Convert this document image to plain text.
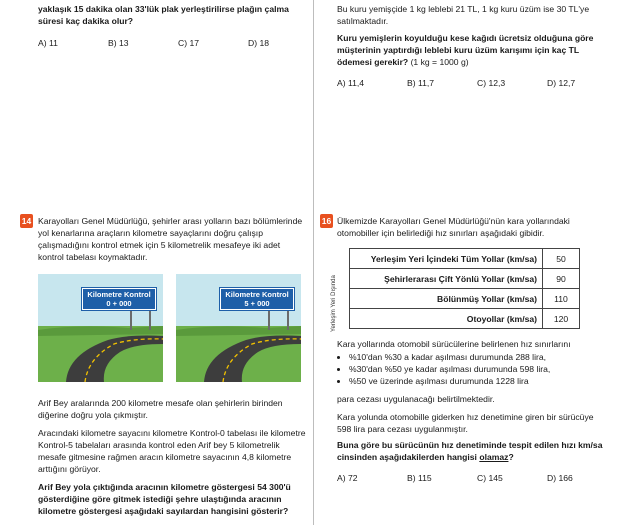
yaklaşık 15 dakika olan 33'lük plak yerleştirilirse plağın çalma süresi kaç dakika olur?
A) 11	B) 13	C) 17	D) 18
Bu kuru yemişçide 1 kg leblebi 21 TL, 1 kg kuru üzüm ise 30 TL'ye satılmaktadır.
Kuru yemişlerin koyulduğu kese kağıdı ücretsiz olduğuna göre müşterinin yaptırdığı leblebi kuru üzüm karışımı için kaç TL ödemesi gerekir? (1 kg = 1000 g)
A) 11,4	B) 11,7	C) 12,3	D) 12,7
14 Karayolları Genel Müdürlüğü, şehirler arası yolların bazı bölümlerinde yol kenarlarına araçların kilometre sayaçlarını doğru çalışıp çalışmadığını kontrol etmek için 5 kilometrelik mesafeye iki adet kontrol tabelası koymaktadır.
Kilometre Kontrol
0 + 000
Kilometre Kontrol
5 + 000
Arif Bey aralarında 200 kilometre mesafe olan şehirlerin birinden diğerine doğru yola çıkmıştır.
Aracındaki kilometre sayacını kilometre Kontrol-0 tabelası ile kilometre Kontrol-5 tabelaları arasında kontrol eden Arif bey 5 kilometrelik mesafe gitmesine rağmen aracın kilometre sayacının 4,8 kilometre arttığını görüyor.
Arif Bey yola çıktığında aracının kilometre göstergesi 54 300'ü gösterdiğine göre gitmek istediği şehre ulaştığında aracının kilometre göstergesi aşağıdaki sayılardan hangisini gösterir?
16 Ülkemizde Karayolları Genel Müdürlüğü'nün kara yollarındaki otomobiller için belirlediği hız sınırları aşağıdaki gibidir.
Yerleşim Yeri Dışında
Yerleşim Yeri İçindeki Tüm Yollar (km/sa)	50
Şehirlerarası Çift Yönlü Yollar (km/sa)	90
Bölünmüş Yollar (km/sa)	110
Otoyollar (km/sa)	120
Kara yollarında otomobil sürücülerine belirlenen hız sınırlarını
• %10'dan %30 a kadar aşılması durumunda 288 lira,
• %30'dan %50 ye kadar aşılması durumunda 598 lira,
• %50 ve üzerinde aşılması durumunda 1228 lira
para cezası uygulanacağı belirtilmektedir.
Kara yolunda otomobille giderken hız denetimine giren bir sürücüye 598 lira para cezası uygulanmıştır.
Buna göre bu sürücünün hız denetiminde tespit edilen hızı km/sa cinsinden aşağıdakilerden hangisi olamaz?
A) 72	B) 115	C) 145	D) 166
